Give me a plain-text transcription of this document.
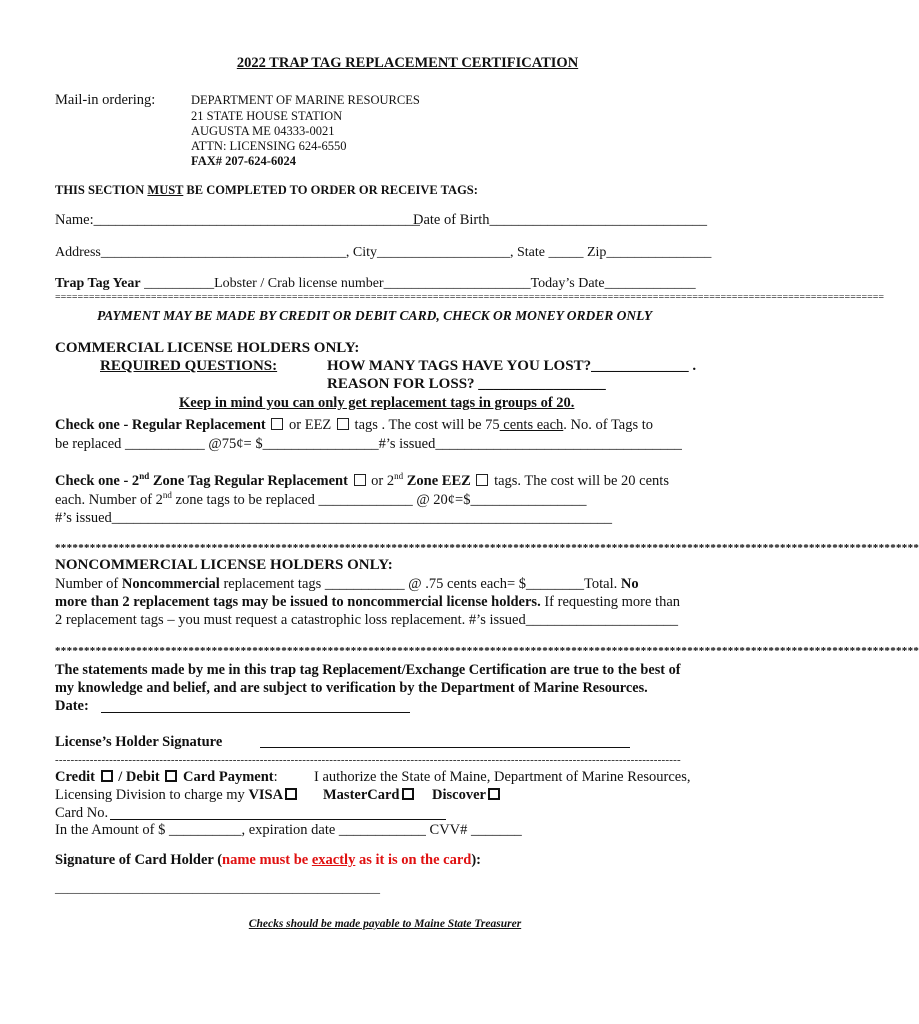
2022 TRAP TAG REPLACEMENT CERTIFICATION
Mail-in ordering:	DEPARTMENT OF MARINE RESOURCES
21 STATE HOUSE STATION
AUGUSTA ME 04333-0021
ATTN: LICENSING 624-6550
FAX# 207-624-6024
THIS SECTION MUST BE COMPLETED TO ORDER OR RECEIVE TAGS:
Name:_____________________________________________
Date of Birth______________________________
Address___________________________________, City___________________, State _____ Zip_______________
Trap Tag Year __________Lobster / Crab license number_____________________Today’s Date_____________
===================================================================================================================================================
PAYMENT MAY BE MADE BY CREDIT OR DEBIT CARD, CHECK OR MONEY ORDER ONLY
COMMERCIAL LICENSE HOLDERS ONLY:
REQUIRED QUESTIONS:	HOW MANY TAGS HAVE YOU LOST?_____________ .
REASON FOR LOSS? _________________
Keep in mind you can only get replacement tags in groups of 20.
Check one - Regular Replacement  or EEZ  tags . The cost will be 75 cents each. No. of Tags to
be replaced ___________ @75¢= $________________#’s issued__________________________________
Check one - 2nd Zone Tag Regular Replacement  or 2nd Zone EEZ  tags. The cost will be 20 cents
each. Number of 2nd zone tags to be replaced _____________ @ 20¢=$________________
#’s issued_____________________________________________________________________
*****************************************************************************************************************************************************
NONCOMMERCIAL LICENSE HOLDERS ONLY:
Number of Noncommercial replacement tags ___________ @ .75 cents each= $________Total. No
more than 2 replacement tags may be issued to noncommercial license holders. If requesting more than
2 replacement tags – you must request a catastrophic loss replacement. #’s issued_____________________
*****************************************************************************************************************************************************
The statements made by me in this trap tag Replacement/Exchange Certification are true to the best of
my knowledge and belief, and are subject to verification by the Department of Marine Resources.
Date:
License’s Holder Signature
------------------------------------------------------------------------------------------------------------------------------------------------------------------
Credit  / Debit  Card Payment:	I authorize the State of Maine, Department of Marine Resources,
Licensing Division to charge my VISA	MasterCard	Discover
Card No.
In the Amount of $ __________, expiration date ____________ CVV# _______
Signature of Card Holder (name must be exactly as it is on the card):
____________________________________________________
Checks should be made payable to Maine State Treasurer
